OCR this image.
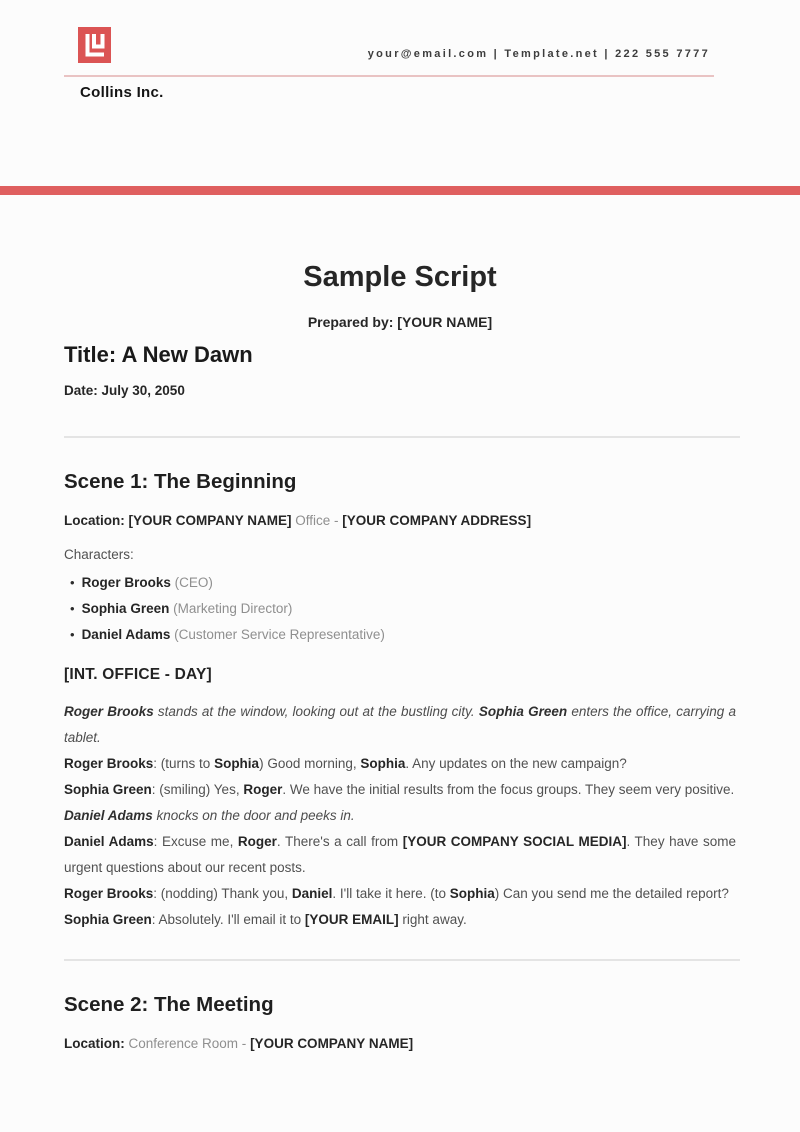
your@email.com | Template.net | 222 555 7777
Collins Inc.
Sample Script

Prepared by: [YOUR NAME]

Title: A New Dawn

Date: July 30, 2050

Scene 1: The Beginning

Location: [YOUR COMPANY NAME] Office - [YOUR COMPANY ADDRESS]

Characters:

• Roger Brooks (CEO)
• Sophia Green (Marketing Director)
• Daniel Adams (Customer Service Representative)

[INT. OFFICE - DAY]

Roger Brooks stands at the window, looking out at the bustling city. Sophia Green enters the office, carrying a tablet.

Roger Brooks: (turns to Sophia) Good morning, Sophia. Any updates on the new campaign?

Sophia Green: (smiling) Yes, Roger. We have the initial results from the focus groups. They seem very positive.

Daniel Adams knocks on the door and peeks in.

Daniel Adams: Excuse me, Roger. There's a call from [YOUR COMPANY SOCIAL MEDIA]. They have some urgent questions about our recent posts.

Roger Brooks: (nodding) Thank you, Daniel. I'll take it here. (to Sophia) Can you send me the detailed report?

Sophia Green: Absolutely. I'll email it to [YOUR EMAIL] right away.

Scene 2: The Meeting

Location: Conference Room - [YOUR COMPANY NAME]
